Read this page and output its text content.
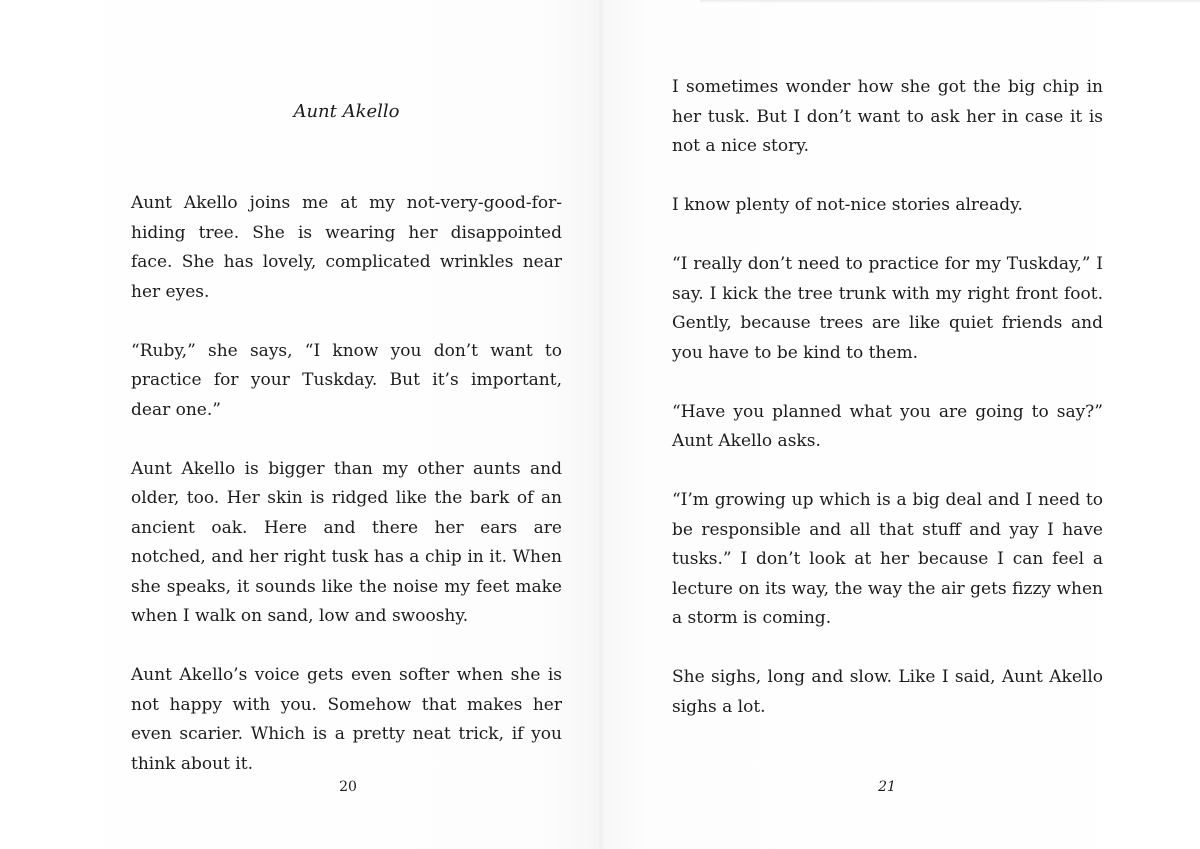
Aunt Akello

Aunt Akello joins me at my not-very-good-for-hiding tree. She is wearing her disappointed face. She has lovely, complicated wrinkles near her eyes.

“Ruby,” she says, “I know you don’t want to practice for your Tuskday. But it’s important, dear one.”

Aunt Akello is bigger than my other aunts and older, too. Her skin is ridged like the bark of an ancient oak. Here and there her ears are notched, and her right tusk has a chip in it. When she speaks, it sounds like the noise my feet make when I walk on sand, low and swooshy.

Aunt Akello’s voice gets even softer when she is not happy with you. Somehow that makes her even scarier. Which is a pretty neat trick, if you think about it.

20	21

I sometimes wonder how she got the big chip in her tusk. But I don’t want to ask her in case it is not a nice story.

I know plenty of not-nice stories already.

“I really don’t need to practice for my Tuskday,” I say. I kick the tree trunk with my right front foot. Gently, because trees are like quiet friends and you have to be kind to them.

“Have you planned what you are going to say?” Aunt Akello asks.

“I’m growing up which is a big deal and I need to be responsible and all that stuff and yay I have tusks.” I don’t look at her because I can feel a lecture on its way, the way the air gets fizzy when a storm is coming.

She sighs, long and slow. Like I said, Aunt Akello sighs a lot.
